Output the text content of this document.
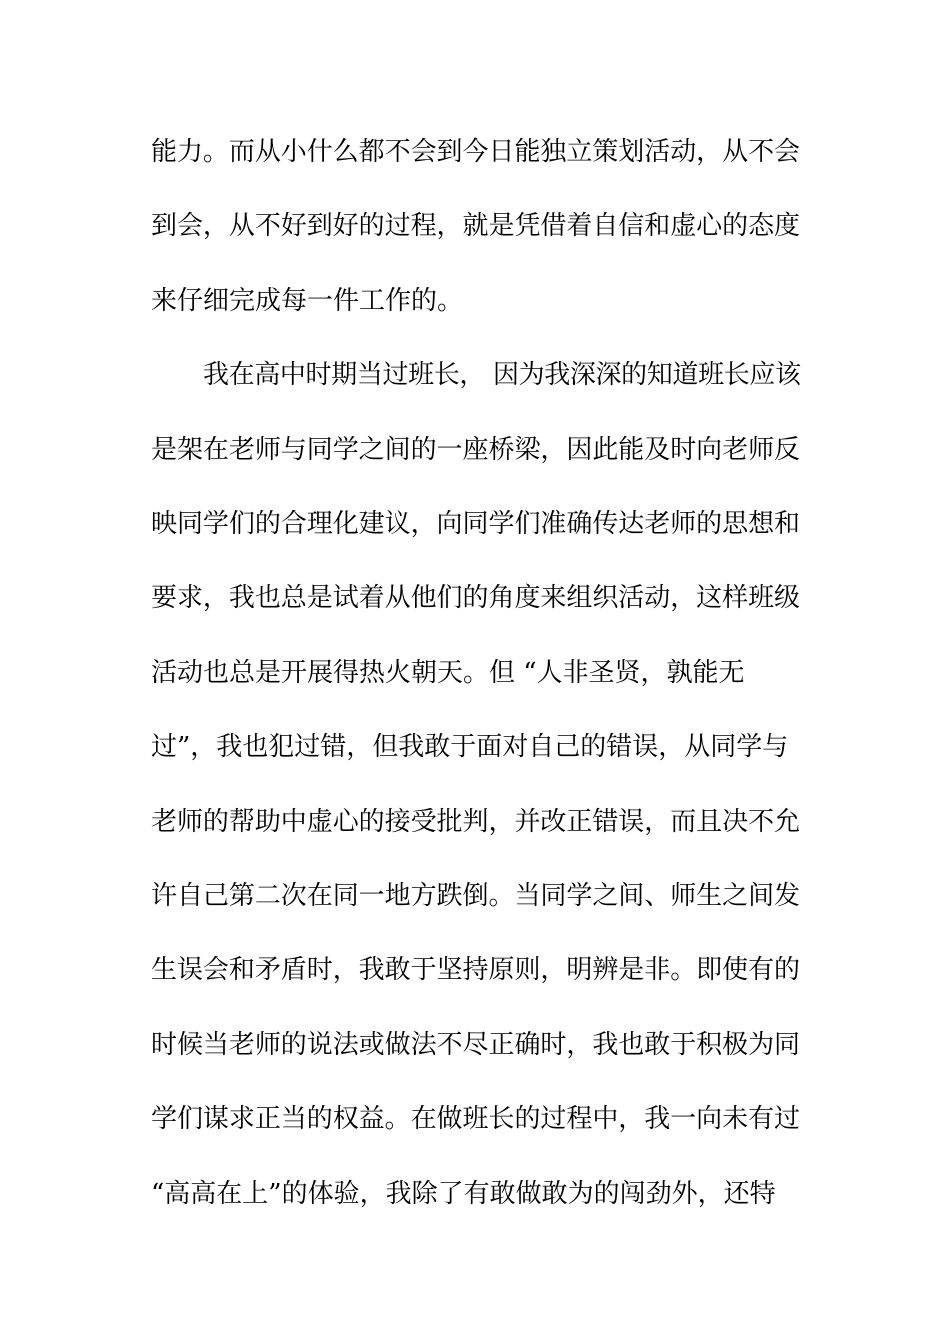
能力。而从小什么都不会到今日能独立策划活动，从不会
到会，从不好到好的过程，就是凭借着自信和虚心的态度
来仔细完成每一件工作的。
我在高中时期当过班长， 因为我深深的知道班长应该
是架在老师与同学之间的一座桥梁，因此能及时向老师反
映同学们的合理化建议，向同学们准确传达老师的思想和
要求，我也总是试着从他们的角度来组织活动，这样班级
活动也总是开展得热火朝天。但 “人非圣贤，孰能无
过”，我也犯过错，但我敢于面对自己的错误，从同学与
老师的帮助中虚心的接受批判，并改正错误，而且决不允
许自己第二次在同一地方跌倒。当同学之间、师生之间发
生误会和矛盾时，我敢于坚持原则，明辨是非。即使有的
时候当老师的说法或做法不尽正确时，我也敢于积极为同
学们谋求正当的权益。在做班长的过程中，我一向未有过
“高高在上”的体验，我除了有敢做敢为的闯劲外，还特
